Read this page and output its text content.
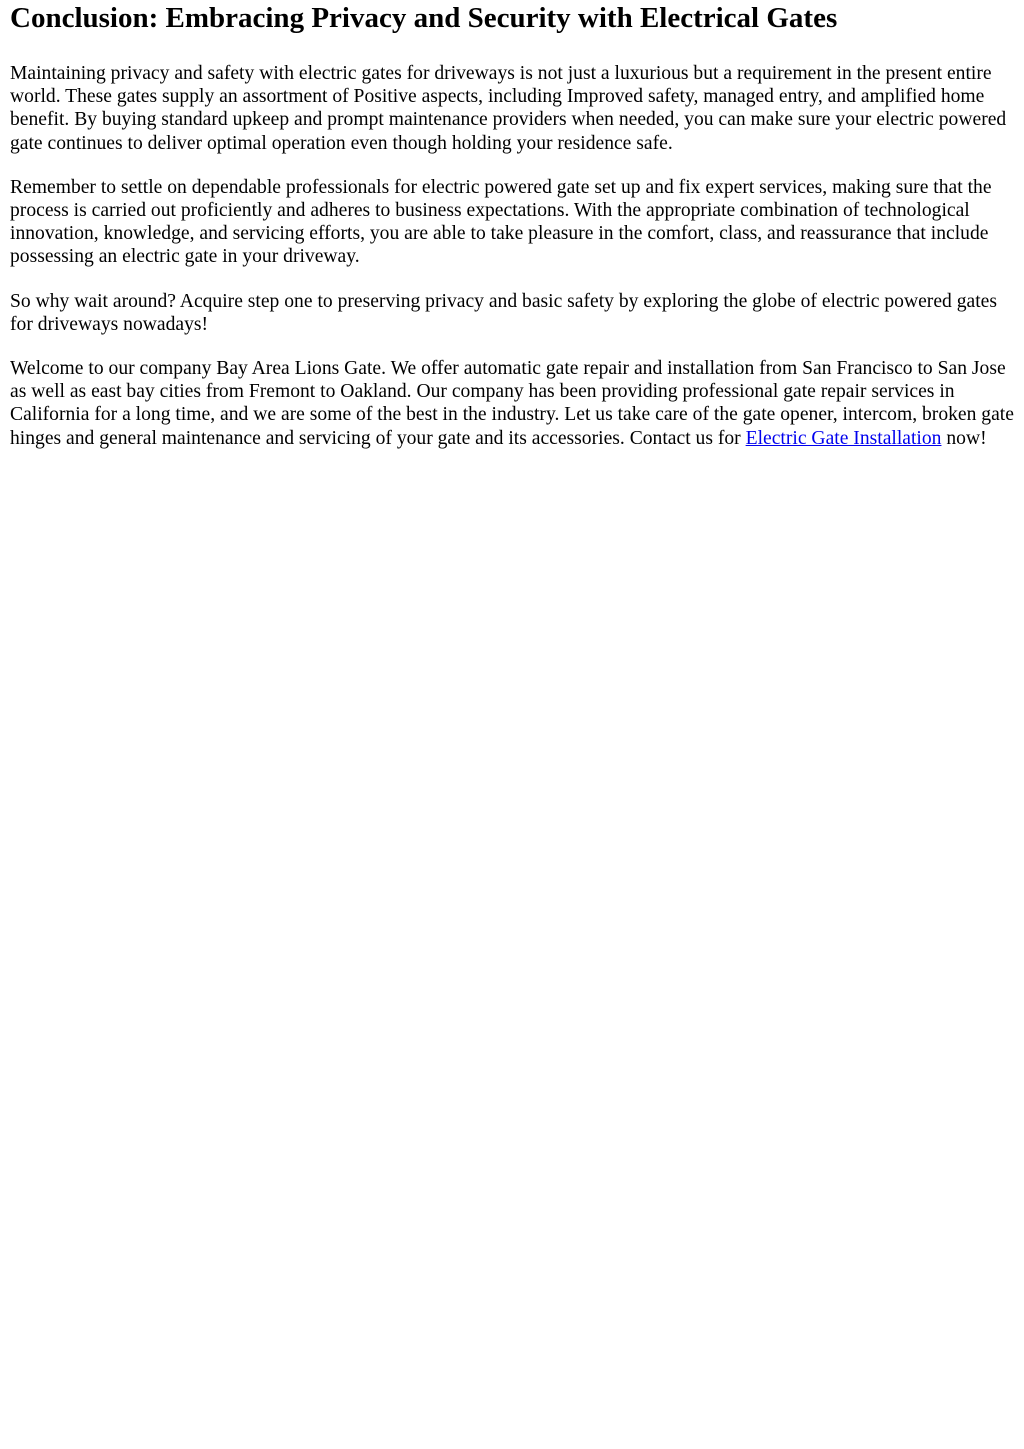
Conclusion: Embracing Privacy and Security with Electrical Gates

Maintaining privacy and safety with electric gates for driveways is not just a luxurious but a requirement in the present entire world. These gates supply an assortment of Positive aspects, including Improved safety, managed entry, and amplified home benefit. By buying standard upkeep and prompt maintenance providers when needed, you can make sure your electric powered gate continues to deliver optimal operation even though holding your residence safe.

Remember to settle on dependable professionals for electric powered gate set up and fix expert services, making sure that the process is carried out proficiently and adheres to business expectations. With the appropriate combination of technological innovation, knowledge, and servicing efforts, you are able to take pleasure in the comfort, class, and reassurance that include possessing an electric gate in your driveway.

So why wait around? Acquire step one to preserving privacy and basic safety by exploring the globe of electric powered gates for driveways nowadays!

Welcome to our company Bay Area Lions Gate. We offer automatic gate repair and installation from San Francisco to San Jose as well as east bay cities from Fremont to Oakland. Our company has been providing professional gate repair services in California for a long time, and we are some of the best in the industry. Let us take care of the gate opener, intercom, broken gate hinges and general maintenance and servicing of your gate and its accessories. Contact us for Electric Gate Installation now!
